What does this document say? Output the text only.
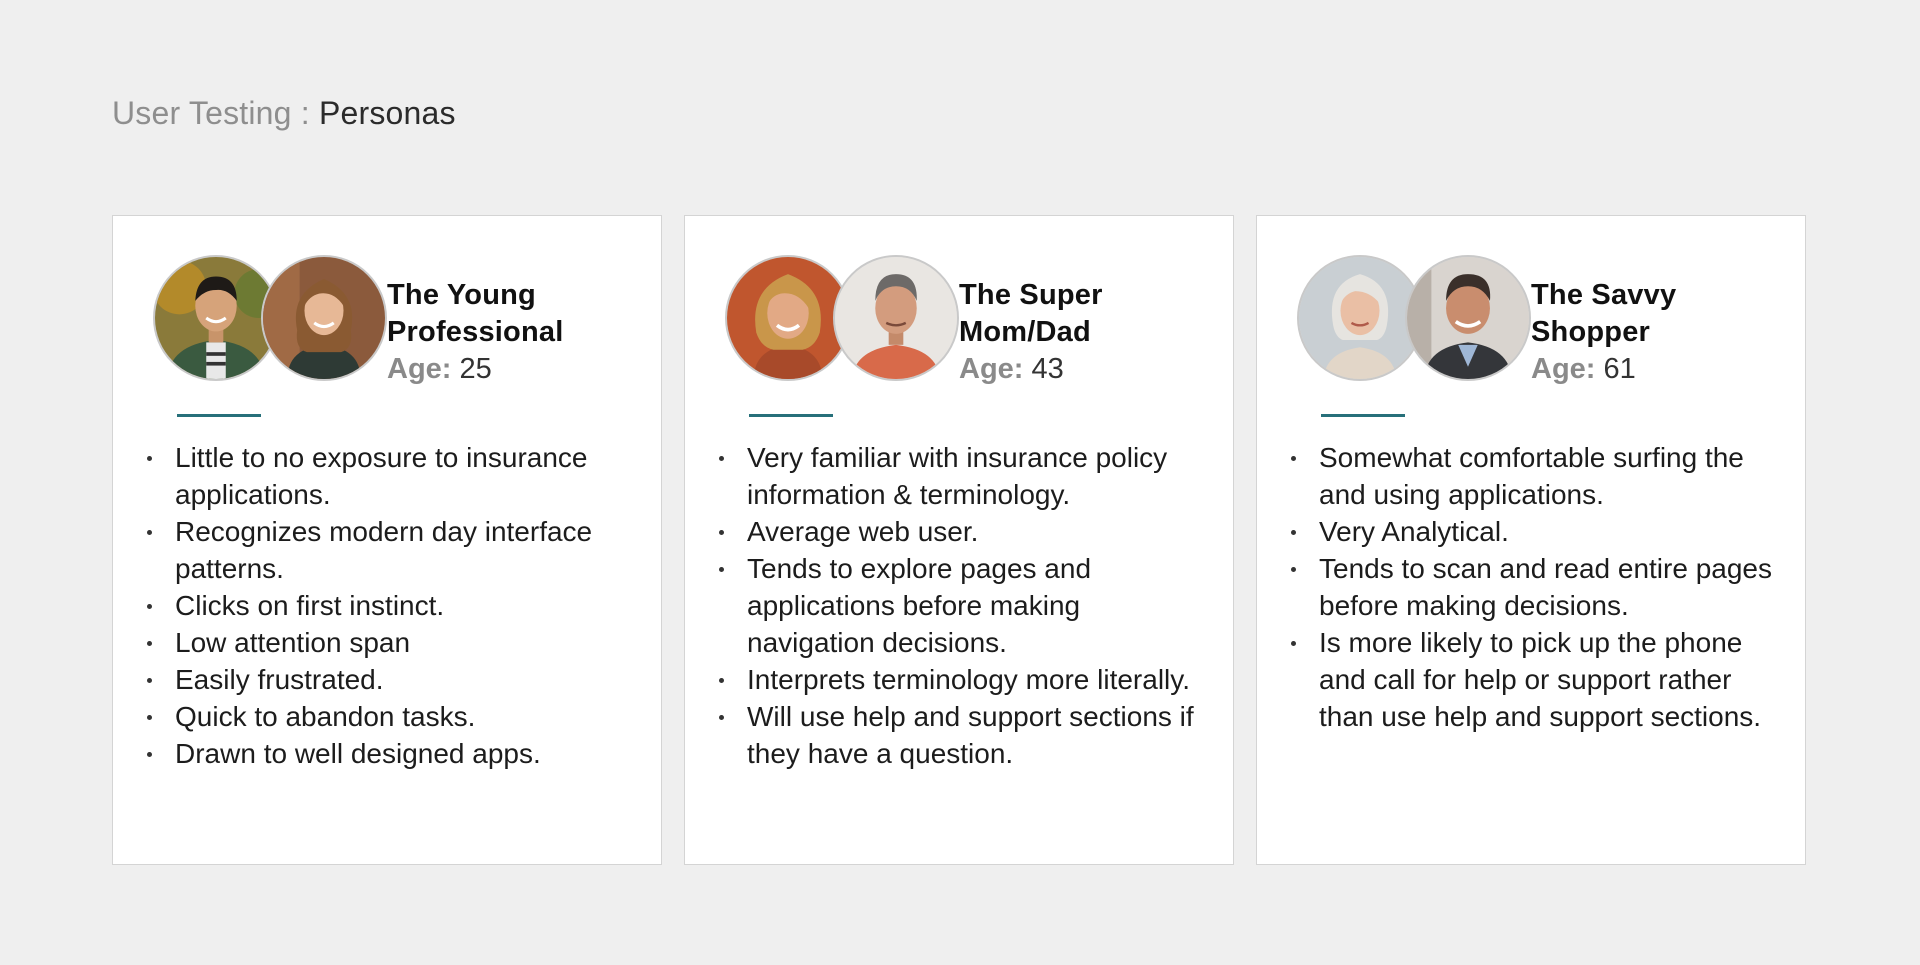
User Testing : Personas
The Young Professional
Age: 25
Little to no exposure to insurance applications.
Recognizes modern day interface patterns.
Clicks on first instinct.
Low attention span
Easily frustrated.
Quick to abandon tasks.
Drawn to well designed apps.
The Super Mom/Dad
Age: 43
Very familiar with insurance policy information & terminology.
Average web user.
Tends to explore pages and applications before making navigation decisions.
Interprets terminology more literally.
Will use help and support sections if they have a question.
The Savvy Shopper
Age: 61
Somewhat comfortable surfing the and using applications.
Very Analytical.
Tends to scan and read entire pages before making decisions.
Is more likely to pick up the phone and call for help or support rather than use help and support sections.
